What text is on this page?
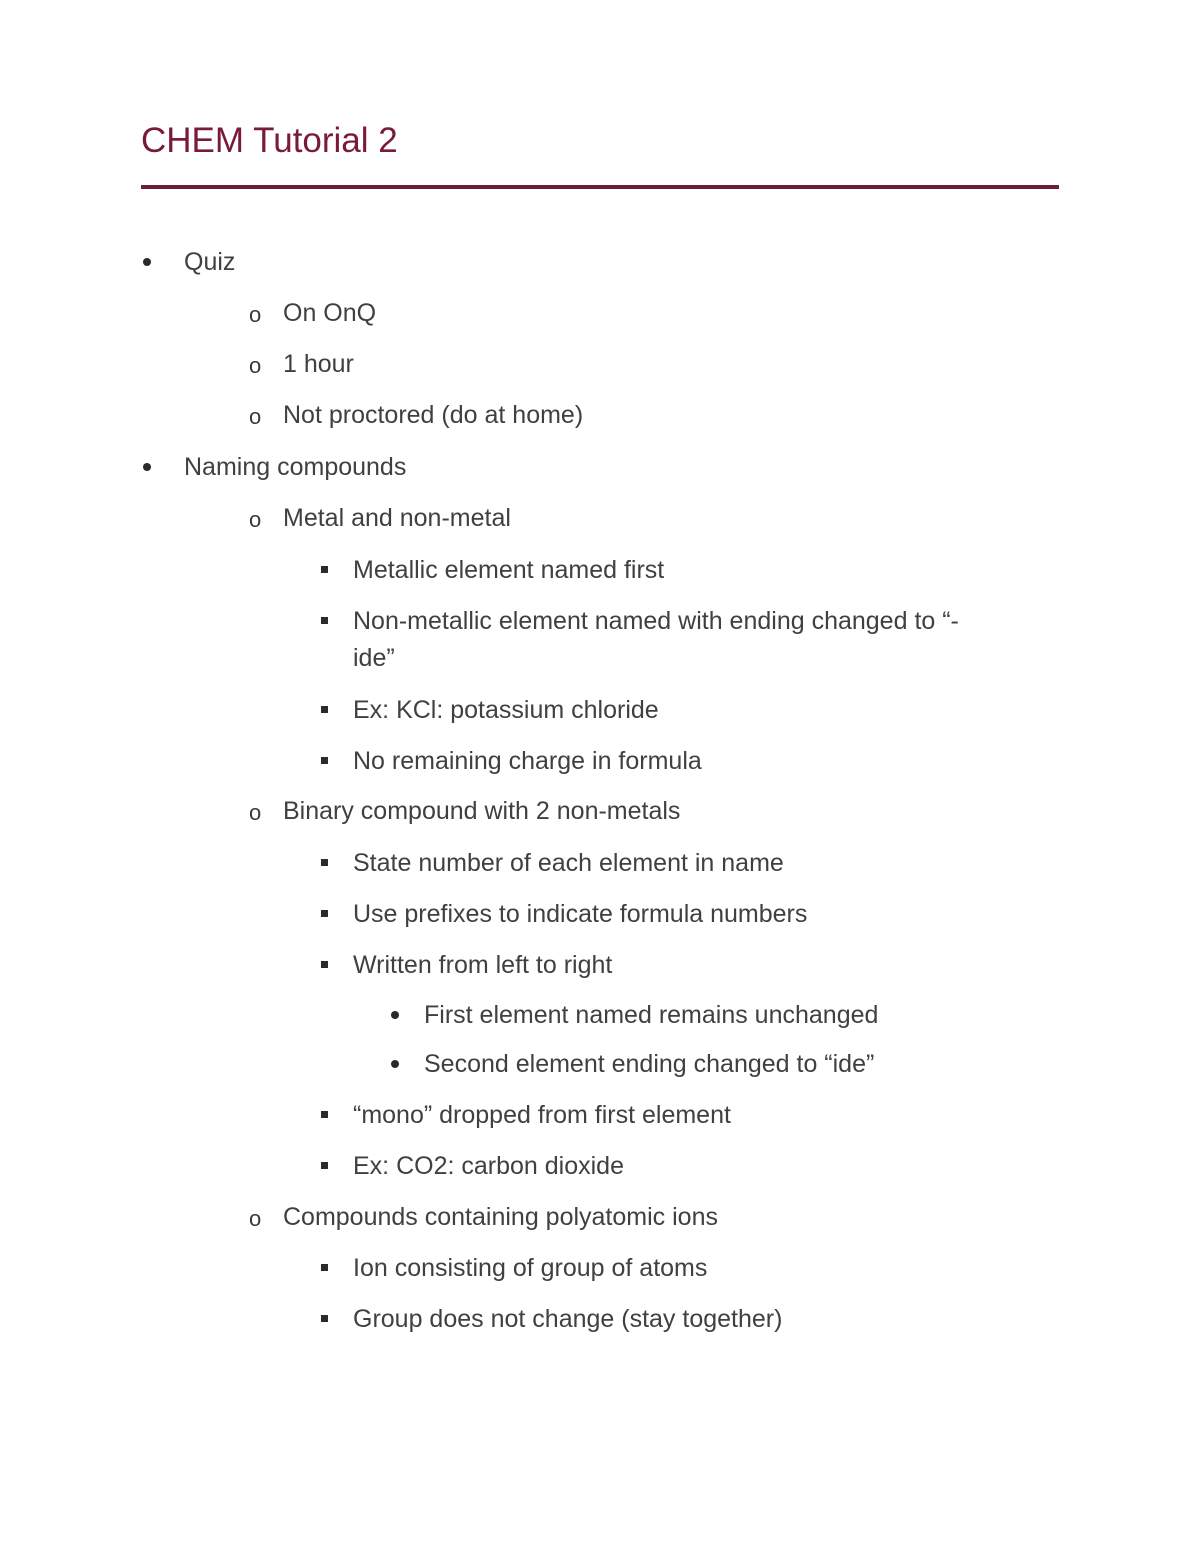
CHEM Tutorial 2
Quiz
o On OnQ
o 1 hour
o Not proctored (do at home)
Naming compounds
o Metal and non-metal
Metallic element named first
Non-metallic element named with ending changed to “-
ide”
Ex: KCl: potassium chloride
No remaining charge in formula
o Binary compound with 2 non-metals
State number of each element in name
Use prefixes to indicate formula numbers
Written from left to right
First element named remains unchanged
Second element ending changed to “ide”
“mono” dropped from first element
Ex: CO2: carbon dioxide
o Compounds containing polyatomic ions
Ion consisting of group of atoms
Group does not change (stay together)
